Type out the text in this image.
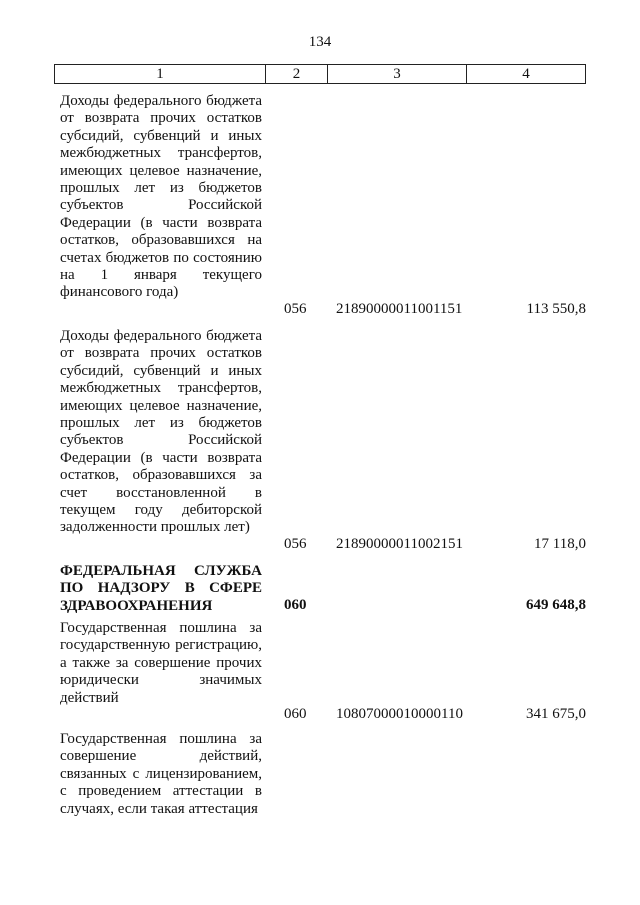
134
1	2	3	4
Доходы федерального бюджета от возврата прочих остатков субсидий, субвенций и иных межбюджетных трансфертов, имеющих целевое назначение, прошлых лет из бюджетов субъектов Российской Федерации (в части возврата остатков, образовавшихся на счетах бюджетов по состоянию на 1 января текущего финансового года)
056	21890000011001151	113 550,8
Доходы федерального бюджета от возврата прочих остатков субсидий, субвенций и иных межбюджетных трансфертов, имеющих целевое назначение, прошлых лет из бюджетов субъектов Российской Федерации (в части возврата остатков, образовавшихся за счет восстановленной в текущем году дебиторской задолженности прошлых лет)
056	21890000011002151	17 118,0
ФЕДЕРАЛЬНАЯ СЛУЖБА ПО НАДЗОРУ В СФЕРЕ ЗДРАВООХРАНЕНИЯ	060	649 648,8
Государственная пошлина за государственную регистрацию, а также за совершение прочих юридически значимых действий
060	10807000010000110	341 675,0
Государственная пошлина за совершение действий, связанных с лицензированием, с проведением аттестации в случаях, если такая аттестация
